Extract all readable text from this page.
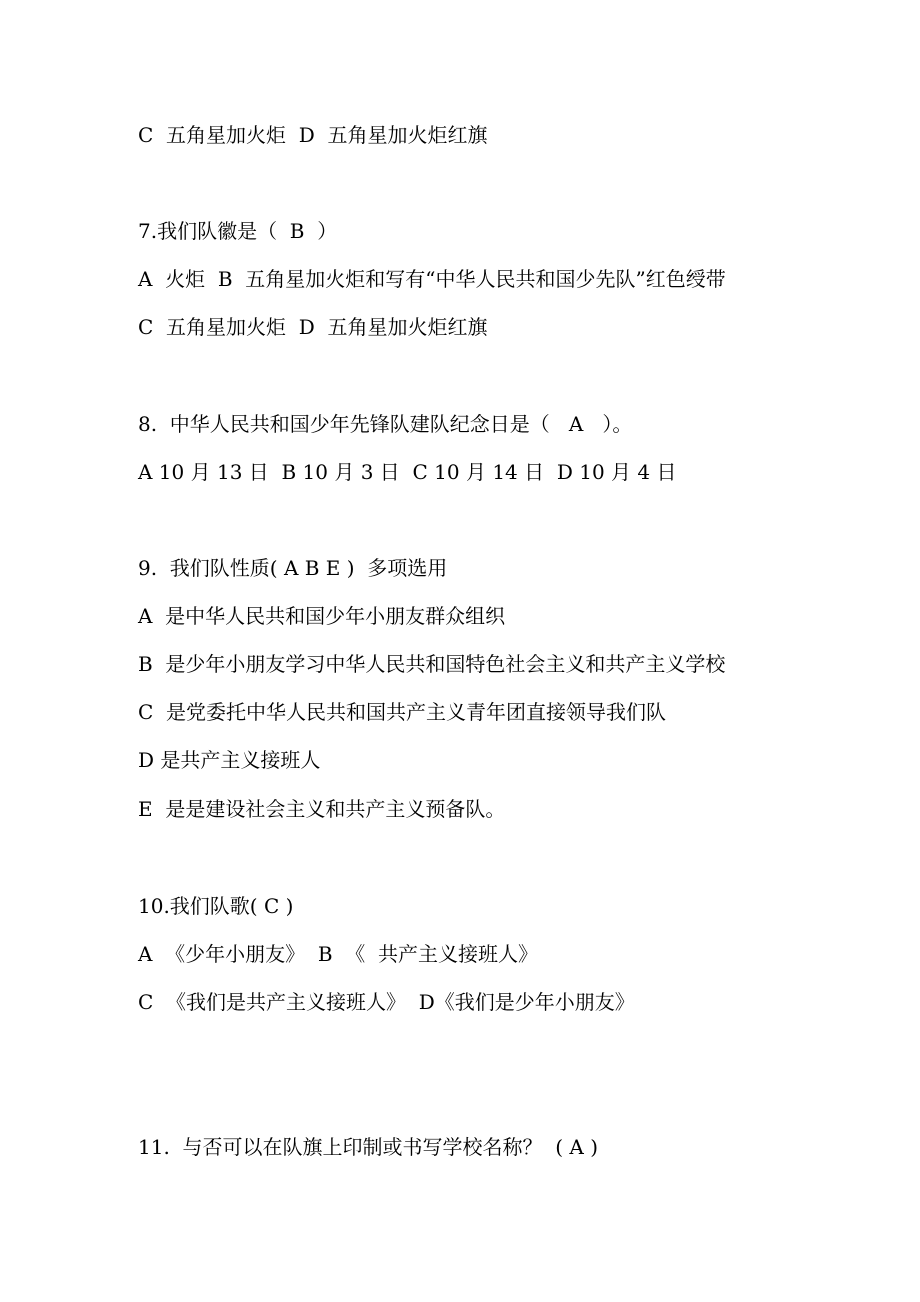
C  五角星加火炬  D  五角星加火炬红旗

7.我们队徽是（  B  ）

A  火炬  B  五角星加火炬和写有“中华人民共和国少先队”红色绶带

C  五角星加火炬  D  五角星加火炬红旗

8.  中华人民共和国少年先锋队建队纪念日是（   A   ）。

A 10 月 13 日  B 10 月 3 日  C 10 月 14 日  D 10 月 4 日

9.  我们队性质( A B E )  多项选用

A  是中华人民共和国少年小朋友群众组织

B  是少年小朋友学习中华人民共和国特色社会主义和共产主义学校

C  是党委托中华人民共和国共产主义青年团直接领导我们队

D 是共产主义接班人

E  是是建设社会主义和共产主义预备队。

10.我们队歌( C )

A  《少年小朋友》  B  《  共产主义接班人》

C  《我们是共产主义接班人》  D《我们是少年小朋友》

11.  与否可以在队旗上印制或书写学校名称？  ( A )
